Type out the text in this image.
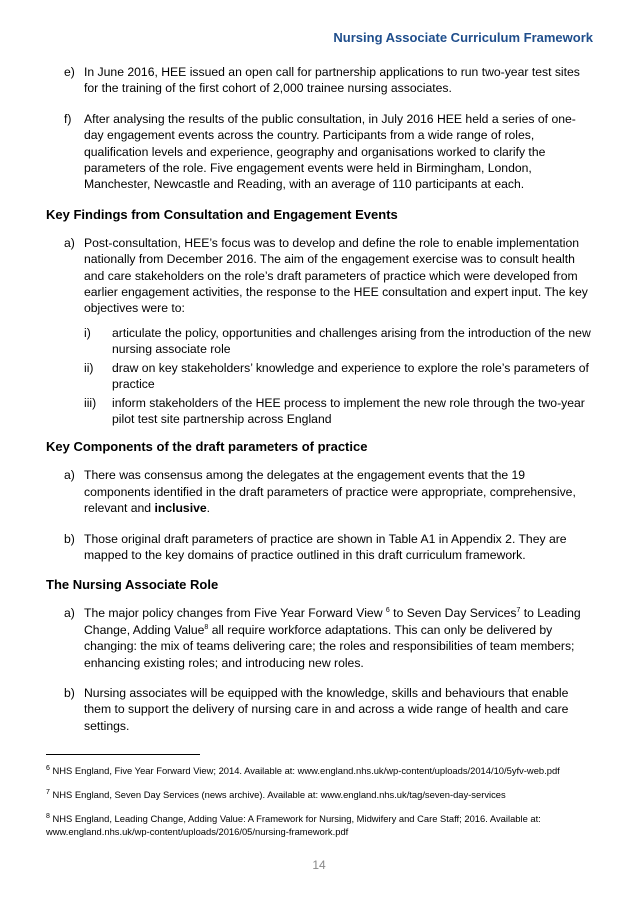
Nursing Associate Curriculum Framework
e) In June 2016, HEE issued an open call for partnership applications to run two-year test sites for the training of the first cohort of 2,000 trainee nursing associates.
f)	After analysing the results of the public consultation, in July 2016 HEE held a series of one-day engagement events across the country. Participants from a wide range of roles, qualification levels and experience, geography and organisations worked to clarify the parameters of the role. Five engagement events were held in Birmingham, London, Manchester, Newcastle and Reading, with an average of 110 participants at each.
Key Findings from Consultation and Engagement Events
a) Post-consultation, HEE’s focus was to develop and define the role to enable implementation nationally from December 2016. The aim of the engagement exercise was to consult health and care stakeholders on the role’s draft parameters of practice which were developed from earlier engagement activities, the response to the HEE consultation and expert input. The key objectives were to:
i)	articulate the policy, opportunities and challenges arising from the introduction of the new nursing associate role
ii)	draw on key stakeholders’ knowledge and experience to explore the role’s parameters of practice
iii)	inform stakeholders of the HEE process to implement the new role through the two-year pilot test site partnership across England
Key Components of the draft parameters of practice
a) There was consensus among the delegates at the engagement events that the 19 components identified in the draft parameters of practice were appropriate, comprehensive, relevant and inclusive.
b) Those original draft parameters of practice are shown in Table A1 in Appendix 2. They are mapped to the key domains of practice outlined in this draft curriculum framework.
The Nursing Associate Role
a) The major policy changes from Five Year Forward View $^6$ to Seven Day Services$^7$ to Leading Change, Adding Value$^8$ all require workforce adaptations. This can only be delivered by changing: the mix of teams delivering care; the roles and responsibilities of team members; enhancing existing roles; and introducing new roles.
b) Nursing associates will be equipped with the knowledge, skills and behaviours that enable them to support the delivery of nursing care in and across a wide range of health and care settings.
$^6$ NHS England, Five Year Forward View; 2014. Available at: www.england.nhs.uk/wp-content/uploads/2014/10/5yfv-web.pdf
$^7$ NHS England, Seven Day Services (news archive). Available at: www.england.nhs.uk/tag/seven-day-services
$^8$ NHS England, Leading Change, Adding Value: A Framework for Nursing, Midwifery and Care Staff; 2016. Available at: www.england.nhs.uk/wp-content/uploads/2016/05/nursing-framework.pdf
14
